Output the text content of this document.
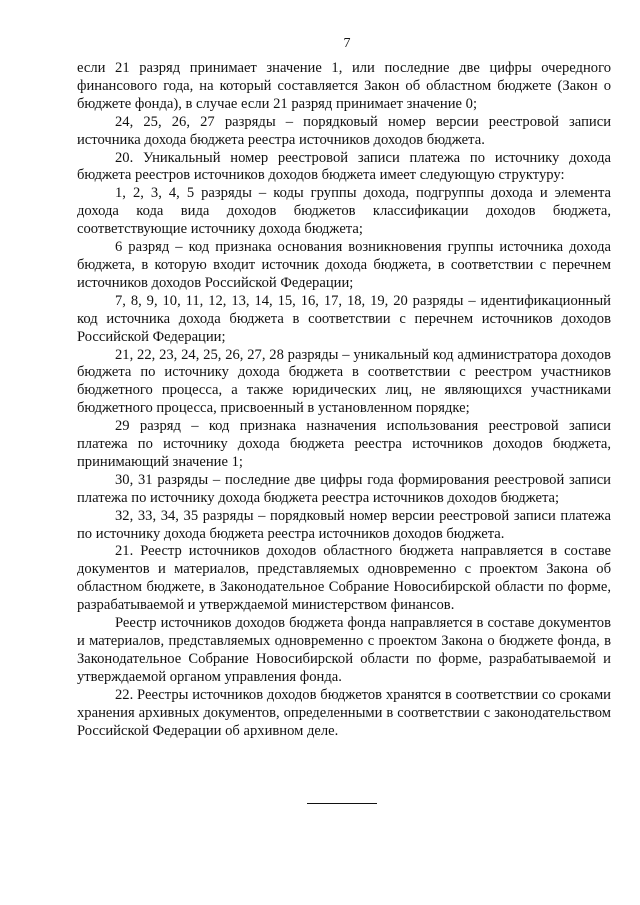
7

если 21 разряд принимает значение 1, или последние две цифры очередного финансового года, на который составляется Закон об областном бюджете (Закон о бюджете фонда), в случае если 21 разряд принимает значение 0;

24, 25, 26, 27 разряды – порядковый номер версии реестровой записи источника дохода бюджета реестра источников доходов бюджета.

20. Уникальный номер реестровой записи платежа по источнику дохода бюджета реестров источников доходов бюджета имеет следующую структуру:

1, 2, 3, 4, 5 разряды – коды группы дохода, подгруппы дохода и элемента дохода кода вида доходов бюджетов классификации доходов бюджета, соответствующие источнику дохода бюджета;

6 разряд – код признака основания возникновения группы источника дохода бюджета, в которую входит источник дохода бюджета, в соответствии с перечнем источников доходов Российской Федерации;

7, 8, 9, 10, 11, 12, 13, 14, 15, 16, 17, 18, 19, 20 разряды – идентификационный код источника дохода бюджета в соответствии с перечнем источников доходов Российской Федерации;

21, 22, 23, 24, 25, 26, 27, 28 разряды – уникальный код администратора доходов бюджета по источнику дохода бюджета в соответствии с реестром участников бюджетного процесса, а также юридических лиц, не являющихся участниками бюджетного процесса, присвоенный в установленном порядке;

29 разряд – код признака назначения использования реестровой записи платежа по источнику дохода бюджета реестра источников доходов бюджета, принимающий значение 1;

30, 31 разряды – последние две цифры года формирования реестровой записи платежа по источнику дохода бюджета реестра источников доходов бюджета;

32, 33, 34, 35 разряды – порядковый номер версии реестровой записи платежа по источнику дохода бюджета реестра источников доходов бюджета.

21. Реестр источников доходов областного бюджета направляется в составе документов и материалов, представляемых одновременно с проектом Закона об областном бюджете, в Законодательное Собрание Новосибирской области по форме, разрабатываемой и утверждаемой министерством финансов.

Реестр источников доходов бюджета фонда направляется в составе документов и материалов, представляемых одновременно с проектом Закона о бюджете фонда, в Законодательное Собрание Новосибирской области по форме, разрабатываемой и утверждаемой органом управления фонда.

22. Реестры источников доходов бюджетов хранятся в соответствии со сроками хранения архивных документов, определенными в соответствии с законодательством Российской Федерации об архивном деле.
